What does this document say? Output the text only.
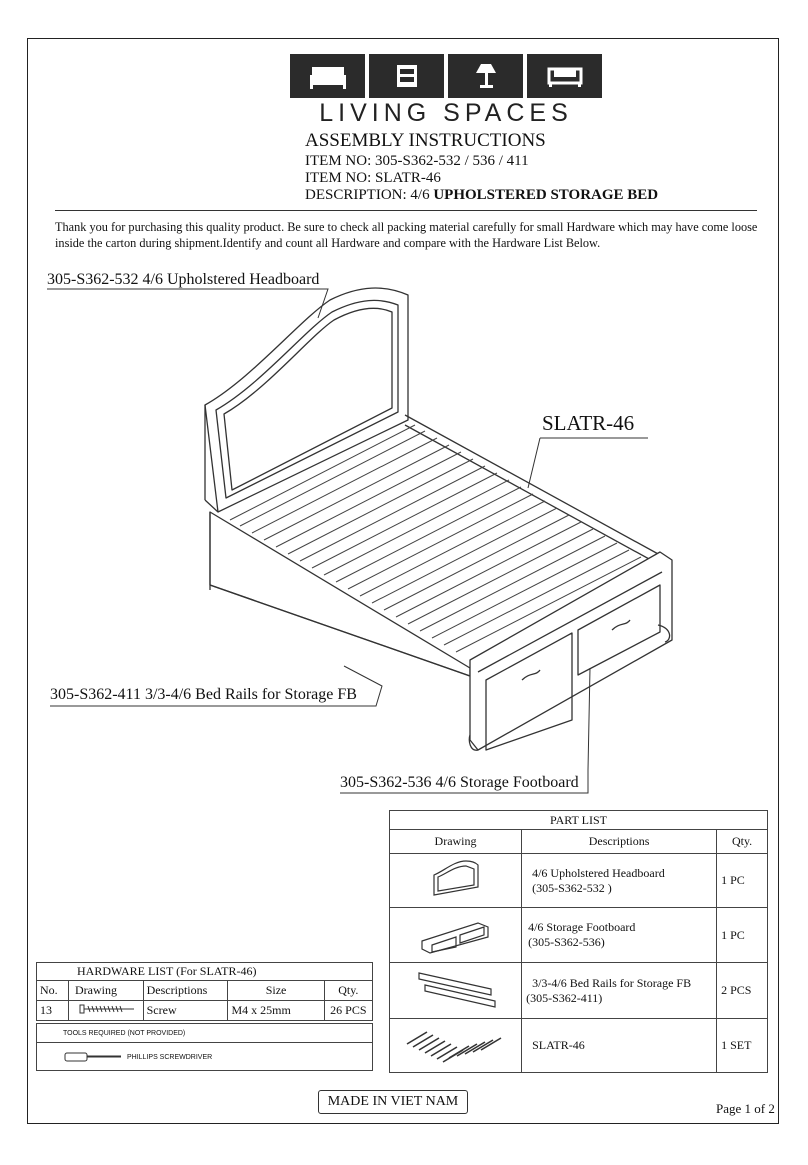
LIVING SPACES
ASSEMBLY INSTRUCTIONS
ITEM NO: 305-S362-532 / 536 / 411
ITEM NO: SLATR-46
DESCRIPTION: 4/6 UPHOLSTERED STORAGE BED
Thank you for purchasing this quality product. Be sure to check all packing material carefully for small Hardware which may have come loose inside the carton during shipment.Identify and count all Hardware and compare with the Hardware List Below.
305-S362-532 4/6 Upholstered Headboard
SLATR-46
305-S362-411 3/3-4/6 Bed Rails for Storage FB
305-S362-536 4/6 Storage Footboard
PART LIST		
Drawing	Descriptions	Qty.

4/6 Upholstered Headboard
(305-S362-532 )	1 PC

4/6 Storage Footboard
(305-S362-536)	1 PC

3/3-4/6 Bed Rails for Storage FB
(305-S362-411)	2 PCS

SLATR-46	1 SET
HARDWARE LIST (For SLATR-46)				
No.	Drawing	Descriptions	Size	Qty.
13		Screw	M4 x 25mm	26 PCS
TOOLS REQUIRED (NOT PROVIDED)
PHILLIPS SCREWDRIVER
MADE IN VIET NAM	Page 1 of 2
